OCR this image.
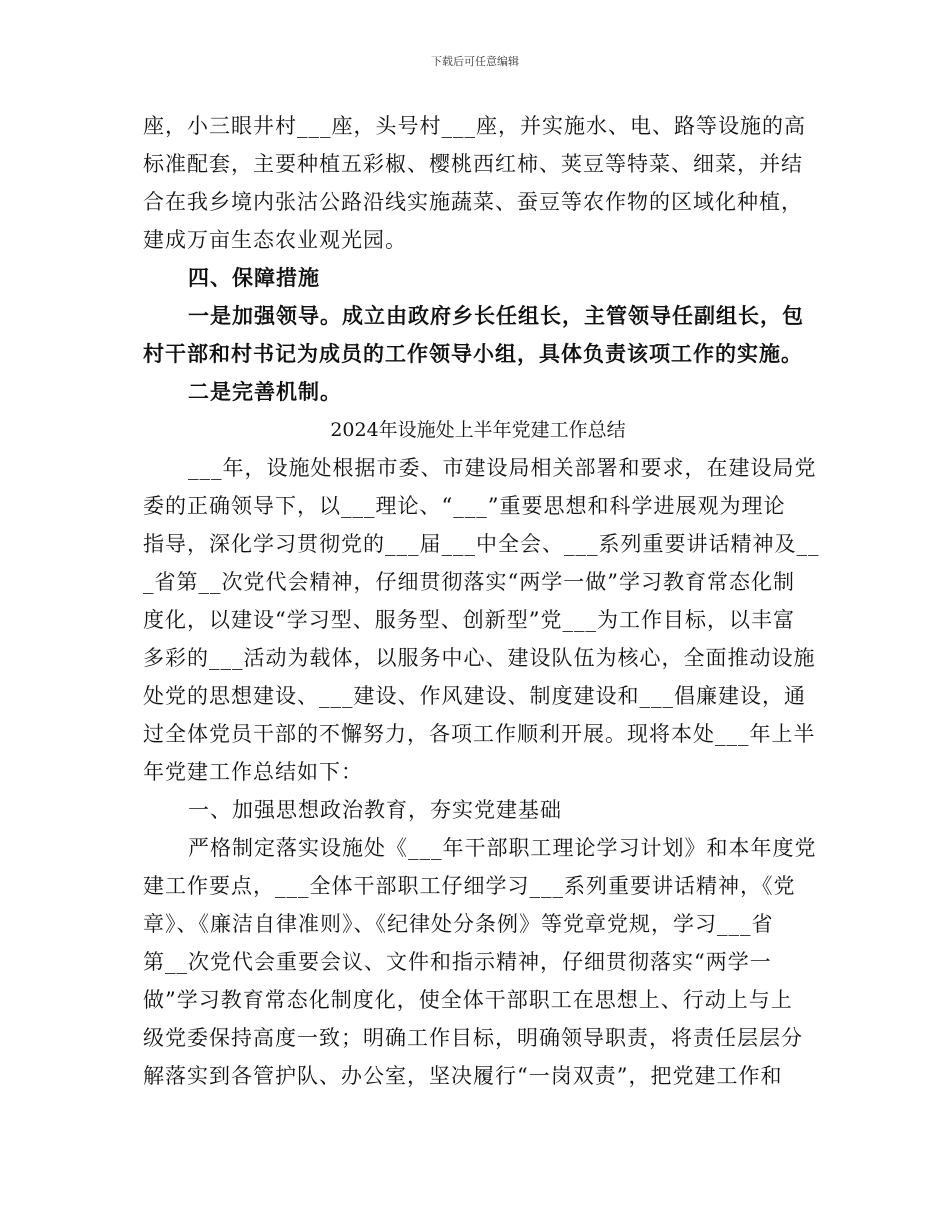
下载后可任意编辑
座，小三眼井村___座，头号村___座，并实施水、电、路等设施的高
标准配套，主要种植五彩椒、樱桃西红柿、荚豆等特菜、细菜，并结
合在我乡境内张沽公路沿线实施蔬菜、蚕豆等农作物的区域化种植，
建成万亩生态农业观光园。
四、保障措施
一是加强领导。成立由政府乡长任组长，主管领导任副组长，包
村干部和村书记为成员的工作领导小组，具体负责该项工作的实施。
二是完善机制。
2024年设施处上半年党建工作总结
___年，设施处根据市委、市建设局相关部署和要求，在建设局党
委的正确领导下，以___理论、“___”重要思想和科学进展观为理论
指导，深化学习贯彻党的___届___中全会、___系列重要讲话精神及__
_省第__次党代会精神，仔细贯彻落实“两学一做”学习教育常态化制
度化，以建设“学习型、服务型、创新型”党___为工作目标，以丰富
多彩的___活动为载体，以服务中心、建设队伍为核心，全面推动设施
处党的思想建设、___建设、作风建设、制度建设和___倡廉建设，通
过全体党员干部的不懈努力，各项工作顺利开展。现将本处___年上半
年党建工作总结如下：
一、加强思想政治教育，夯实党建基础
严格制定落实设施处《___年干部职工理论学习计划》和本年度党
建工作要点，___全体干部职工仔细学习___系列重要讲话精神，《党
章》、《廉洁自律准则》、《纪律处分条例》等党章党规，学习___省
第__次党代会重要会议、文件和指示精神，仔细贯彻落实“两学一
做”学习教育常态化制度化，使全体干部职工在思想上、行动上与上
级党委保持高度一致；明确工作目标，明确领导职责，将责任层层分
解落实到各管护队、办公室，坚决履行“一岗双责”，把党建工作和
